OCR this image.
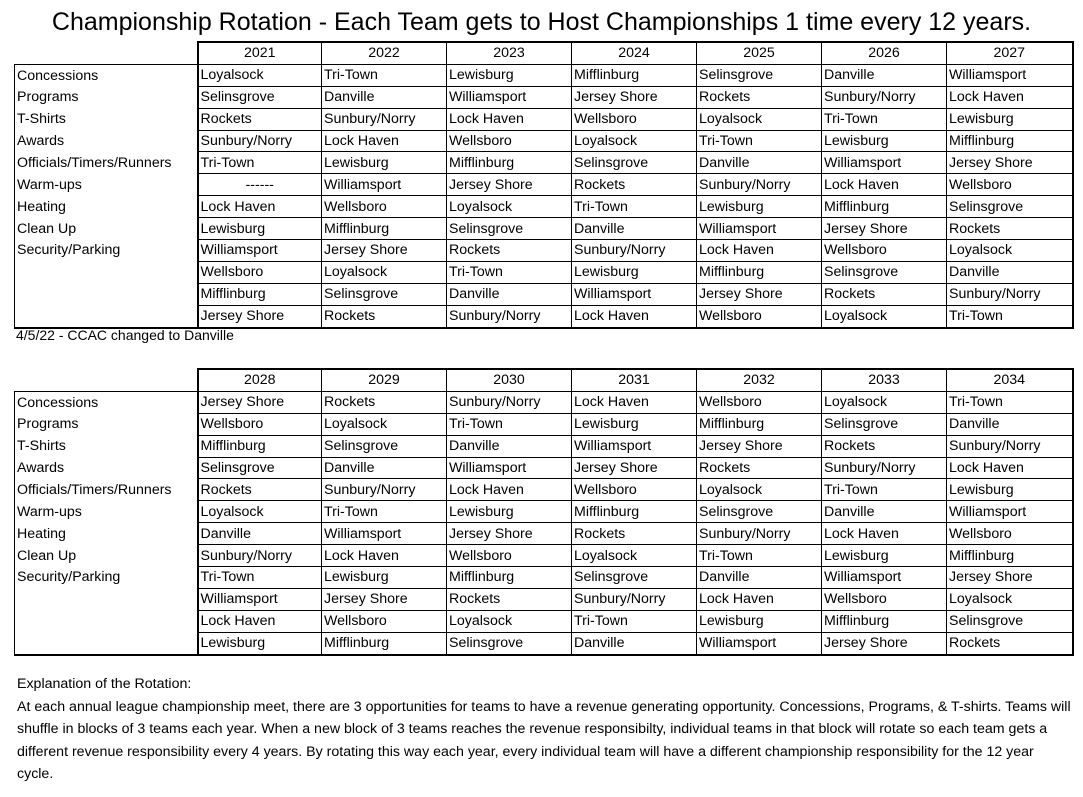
Championship Rotation - Each Team gets to Host Championships 1 time every 12 years.
	2021	2022	2023	2024	2025	2026	2027
Concessions	Loyalsock	Tri-Town	Lewisburg	Mifflinburg	Selinsgrove	Danville	Williamsport
Programs	Selinsgrove	Danville	Williamsport	Jersey Shore	Rockets	Sunbury/Norry	Lock Haven
T-Shirts	Rockets	Sunbury/Norry	Lock Haven	Wellsboro	Loyalsock	Tri-Town	Lewisburg
Awards	Sunbury/Norry	Lock Haven	Wellsboro	Loyalsock	Tri-Town	Lewisburg	Mifflinburg
Officials/Timers/Runners	Tri-Town	Lewisburg	Mifflinburg	Selinsgrove	Danville	Williamsport	Jersey Shore
Warm-ups	------	Williamsport	Jersey Shore	Rockets	Sunbury/Norry	Lock Haven	Wellsboro
Heating	Lock Haven	Wellsboro	Loyalsock	Tri-Town	Lewisburg	Mifflinburg	Selinsgrove
Clean Up	Lewisburg	Mifflinburg	Selinsgrove	Danville	Williamsport	Jersey Shore	Rockets
Security/Parking	Williamsport	Jersey Shore	Rockets	Sunbury/Norry	Lock Haven	Wellsboro	Loyalsock
	Wellsboro	Loyalsock	Tri-Town	Lewisburg	Mifflinburg	Selinsgrove	Danville
	Mifflinburg	Selinsgrove	Danville	Williamsport	Jersey Shore	Rockets	Sunbury/Norry
	Jersey Shore	Rockets	Sunbury/Norry	Lock Haven	Wellsboro	Loyalsock	Tri-Town
4/5/22 - CCAC changed to Danville
	2028	2029	2030	2031	2032	2033	2034
Concessions	Jersey Shore	Rockets	Sunbury/Norry	Lock Haven	Wellsboro	Loyalsock	Tri-Town
Programs	Wellsboro	Loyalsock	Tri-Town	Lewisburg	Mifflinburg	Selinsgrove	Danville
T-Shirts	Mifflinburg	Selinsgrove	Danville	Williamsport	Jersey Shore	Rockets	Sunbury/Norry
Awards	Selinsgrove	Danville	Williamsport	Jersey Shore	Rockets	Sunbury/Norry	Lock Haven
Officials/Timers/Runners	Rockets	Sunbury/Norry	Lock Haven	Wellsboro	Loyalsock	Tri-Town	Lewisburg
Warm-ups	Loyalsock	Tri-Town	Lewisburg	Mifflinburg	Selinsgrove	Danville	Williamsport
Heating	Danville	Williamsport	Jersey Shore	Rockets	Sunbury/Norry	Lock Haven	Wellsboro
Clean Up	Sunbury/Norry	Lock Haven	Wellsboro	Loyalsock	Tri-Town	Lewisburg	Mifflinburg
Security/Parking	Tri-Town	Lewisburg	Mifflinburg	Selinsgrove	Danville	Williamsport	Jersey Shore
	Williamsport	Jersey Shore	Rockets	Sunbury/Norry	Lock Haven	Wellsboro	Loyalsock
	Lock Haven	Wellsboro	Loyalsock	Tri-Town	Lewisburg	Mifflinburg	Selinsgrove
	Lewisburg	Mifflinburg	Selinsgrove	Danville	Williamsport	Jersey Shore	Rockets

Explanation of the Rotation:

At each annual league championship meet, there are 3 opportunities for teams to have a revenue generating opportunity. Concessions, Programs, & T-shirts. Teams will shuffle in blocks of 3 teams each year. When a new block of 3 teams reaches the revenue responsibilty, individual teams in that block will rotate so each team gets a different revenue responsibility every 4 years. By rotating this way each year, every individual team will have a different championship responsibility for the 12 year cycle.
